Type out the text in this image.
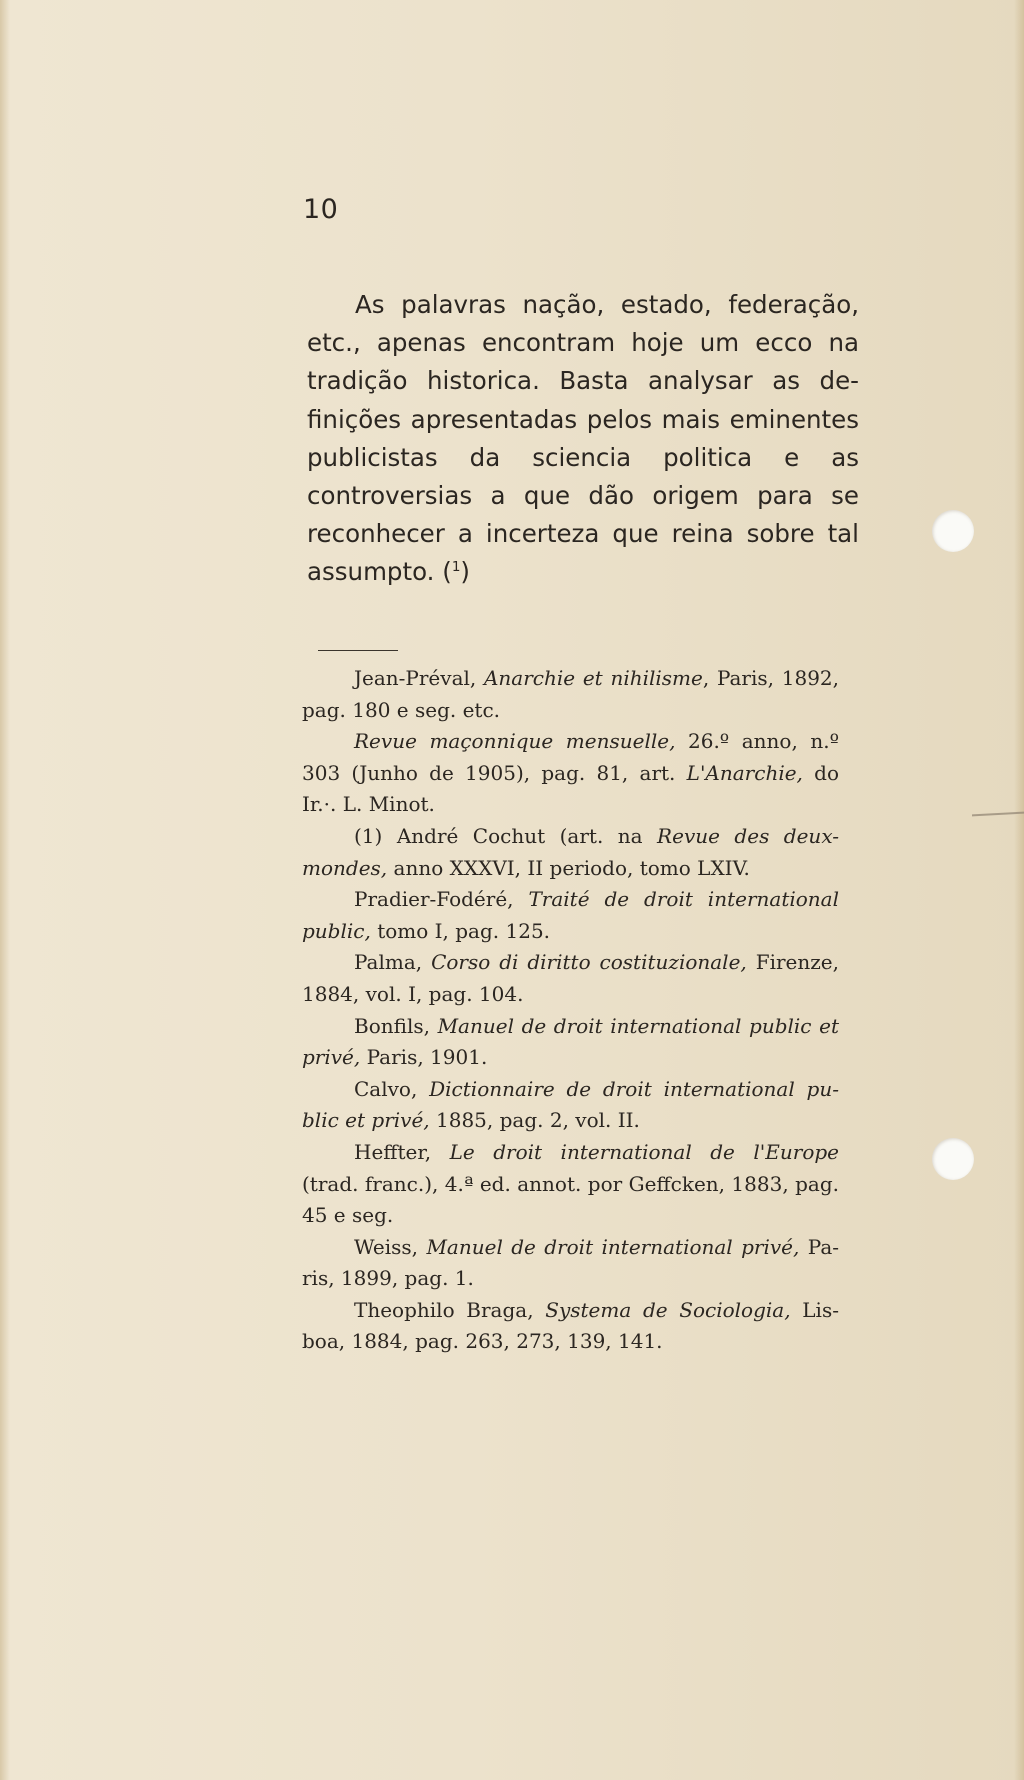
10

As palavras nação, estado, federação, etc., apenas encontram hoje um ecco na tradição historica. Basta analysar as definições apresentadas pelos mais eminentes publicistas da sciencia politica e as controversias a que dão origem para se reconhecer a incerteza que reina sobre tal assumpto. ($^1$)

Jean-Préval, Anarchie et nihilisme, Paris, 1892, pag. 180 e seg. etc.

Revue maçonnique mensuelle, 26.º anno, n.º 303 (Junho de 1905), pag. 81, art. L'Anarchie, do Ir.·. L. Minot.

(1) André Cochut (art. na Revue des deux-mondes, anno XXXVI, II periodo, tomo LXIV.

Pradier-Fodéré, Traité de droit international public, tomo I, pag. 125.

Palma, Corso di diritto costituzionale, Firenze, 1884, vol. I, pag. 104.

Bonfils, Manuel de droit international public et privé, Paris, 1901.

Calvo, Dictionnaire de droit international public et privé, 1885, pag. 2, vol. II.

Heffter, Le droit international de l'Europe (trad. franc.), 4.ª ed. annot. por Geffcken, 1883, pag. 45 e seg.

Weiss, Manuel de droit international privé, Paris, 1899, pag. 1.

Theophilo Braga, Systema de Sociologia, Lisboa, 1884, pag. 263, 273, 139, 141.
